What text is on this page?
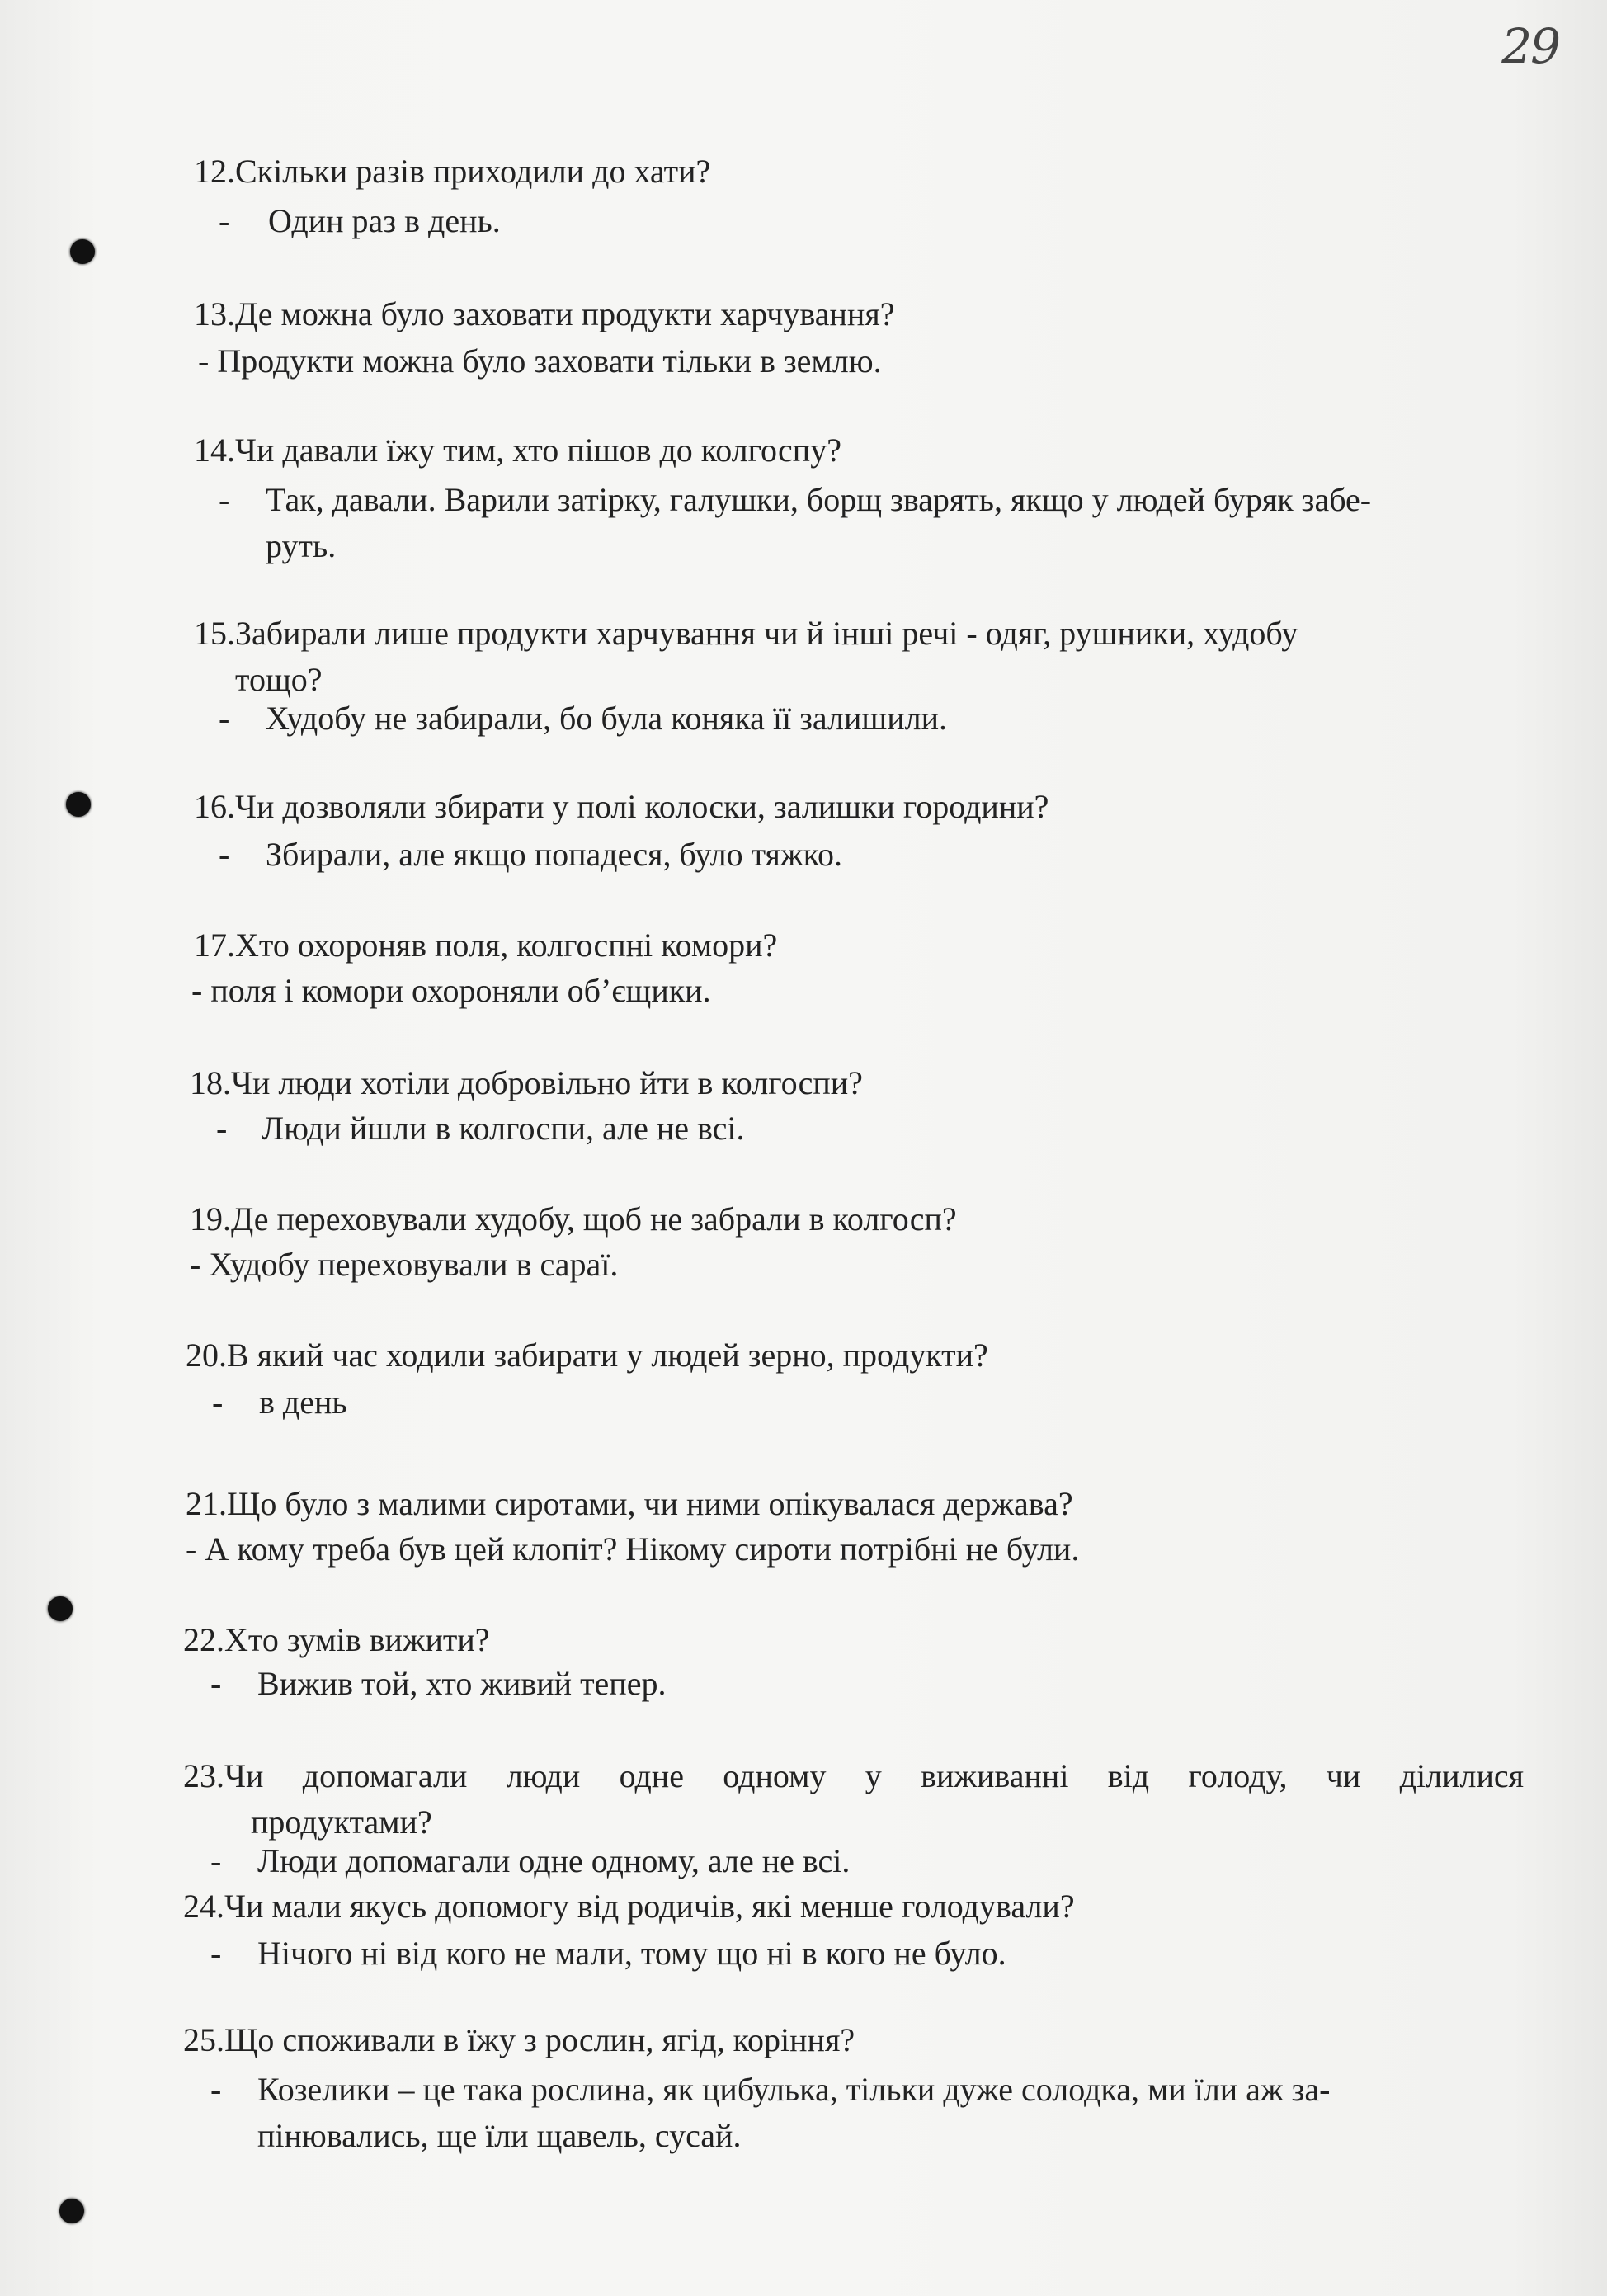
29
12.Скільки разів приходили до хати?
-	Один раз в день.
13.Де можна було заховати продукти харчування?
- Продукти можна було заховати тільки в землю.
14.Чи давали їжу тим, хто пішов до колгоспу?
-	Так, давали. Варили затірку, галушки, борщ зварять, якщо у людей буряк забе-
руть.
15.Забирали лише продукти харчування чи й інші речі - одяг, рушники, худобу
тощо?
-	Худобу не забирали, бо була коняка її залишили.
16.Чи дозволяли збирати у полі колоски, залишки городини?
-	Збирали, але якщо попадеся, було тяжко.
17.Хто охороняв поля, колгоспні комори?
- поля і комори охороняли об’єщики.
18.Чи люди хотіли добровільно йти в колгоспи?
-	Люди йшли в колгоспи, але не всі.
19.Де переховували худобу, щоб не забрали в колгосп?
- Худобу переховували в сараї.
20.В який час ходили забирати у людей зерно, продукти?
-	в день
21.Що було з малими сиротами, чи ними опікувалася держава?
- А кому треба був цей клопіт? Нікому сироти потрібні не були.
22.Хто зумів вижити?
-	Вижив той, хто живий тепер.
23.Чи допомагали люди одне одному у виживанні від голоду, чи ділилися
продуктами?
-	Люди допомагали одне одному, але не всі.
24.Чи мали якусь допомогу від родичів, які менше голодували?
-	Нічого ні від кого не мали, тому що ні в кого не було.
25.Що споживали в їжу з рослин, ягід, коріння?
-	Козелики – це така рослина, як цибулька, тільки дуже солодка, ми їли аж за-
пінювались, ще їли щавель, сусай.
